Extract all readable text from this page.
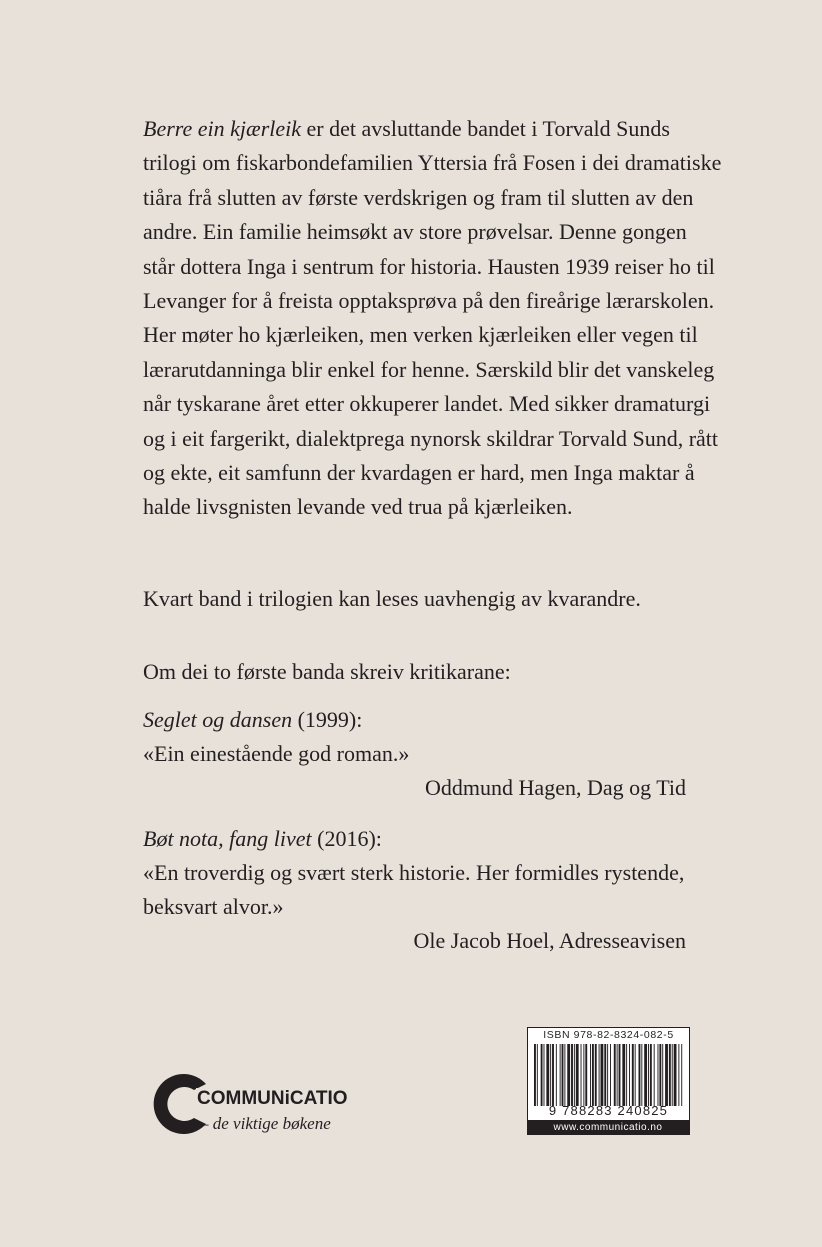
Berre ein kjærleik er det avsluttande bandet i Torvald Sunds trilogi om fiskarbondefamilien Yttersia frå Fosen i dei dramatiske tiåra frå slutten av første verdskrigen og fram til slutten av den andre. Ein familie heimsøkt av store prøvelsar. Denne gongen står dottera Inga i sentrum for historia. Hausten 1939 reiser ho til Levanger for å freista opptaksprøva på den fireårige lærarskolen. Her møter ho kjærleiken, men verken kjærleiken eller vegen til lærarutdanninga blir enkel for henne. Særskild blir det vanskeleg når tyskarane året etter okkuperer landet. Med sikker dramaturgi og i eit fargerikt, dialektprega nynorsk skildrar Torvald Sund, rått og ekte, eit samfunn der kvardagen er hard, men Inga maktar å halde livsgnisten levande ved trua på kjærleiken.

Kvart band i trilogien kan leses uavhengig av kvarandre.

Om dei to første banda skreiv kritikarane:

Seglet og dansen (1999):
«Ein einestående god roman.»
Oddmund Hagen, Dag og Tid
Bøt nota, fang livet (2016):
«En troverdig og svært sterk historie. Her formidles rystende,
beksvart alvor.»
Ole Jacob Hoel, Adresseavisen
COMMUNiCATIO
– de viktige bøkene
ISBN 978-82-8324-082-5
9 788283 240825
www.communicatio.no
